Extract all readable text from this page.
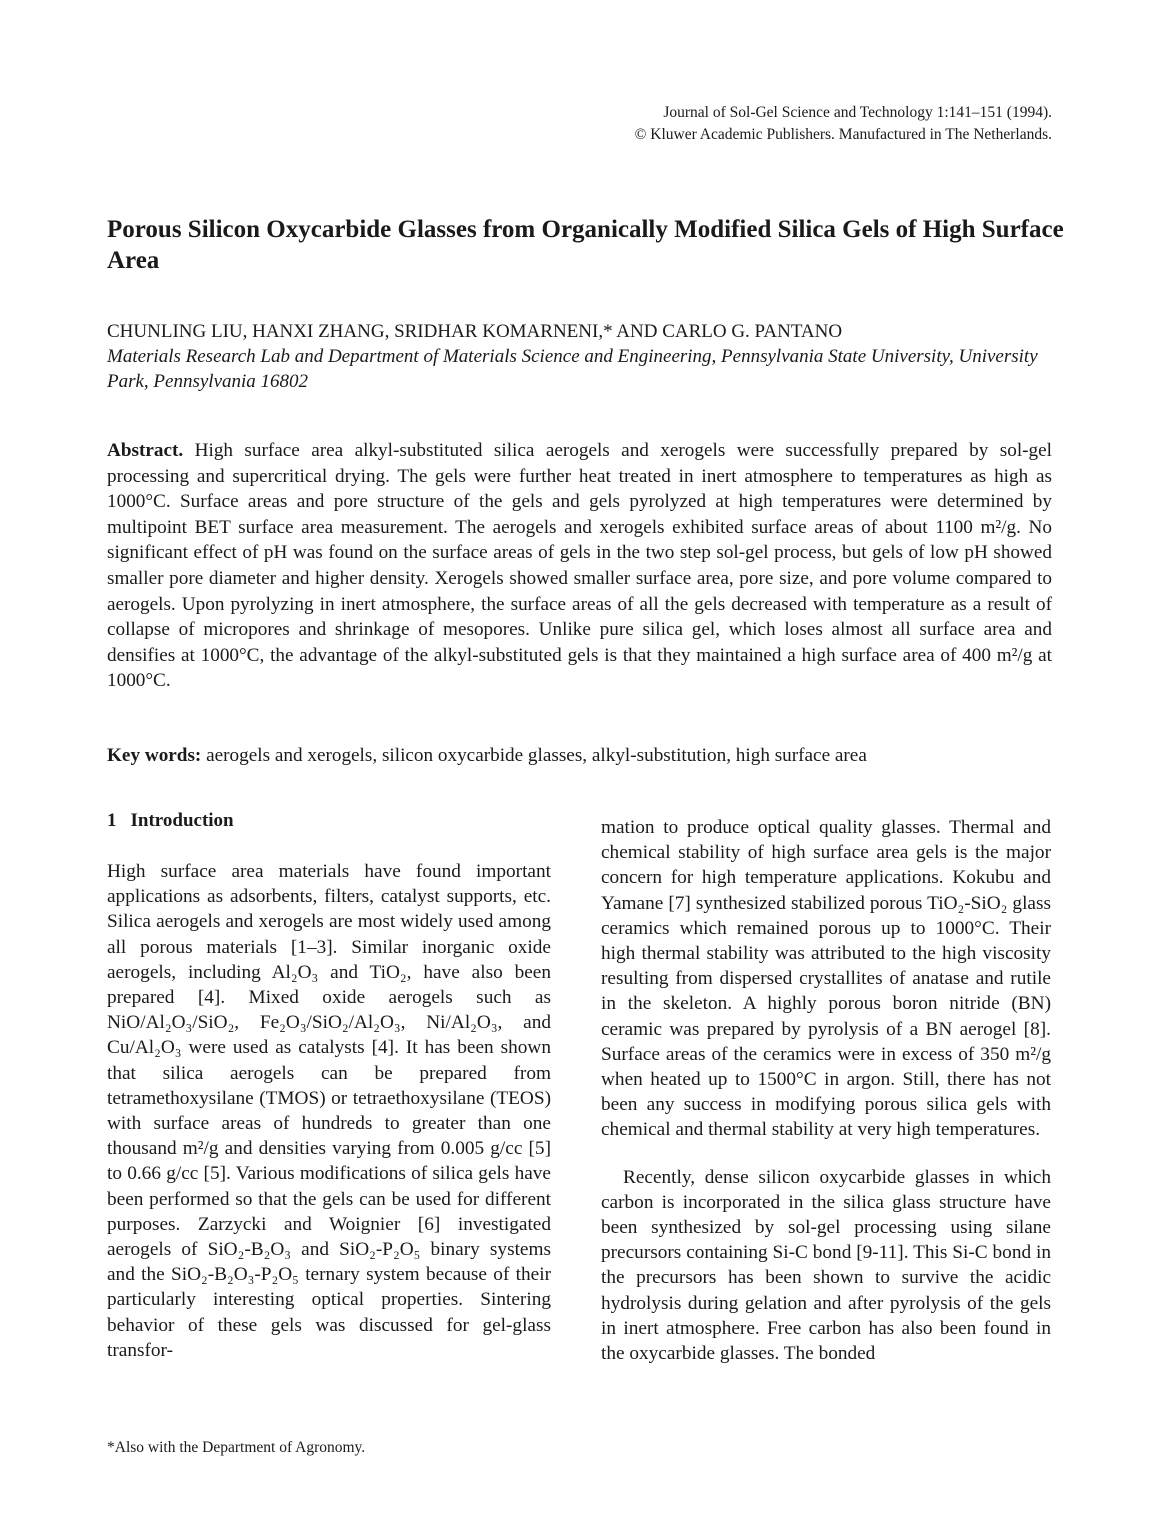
Journal of Sol-Gel Science and Technology 1:141–151 (1994).
© Kluwer Academic Publishers. Manufactured in The Netherlands.
Porous Silicon Oxycarbide Glasses from Organically Modified Silica Gels of High Surface Area
CHUNLING LIU, HANXI ZHANG, SRIDHAR KOMARNENI,* AND CARLO G. PANTANO
Materials Research Lab and Department of Materials Science and Engineering, Pennsylvania State University, University Park, Pennsylvania 16802

Abstract. High surface area alkyl-substituted silica aerogels and xerogels were successfully prepared by sol-gel processing and supercritical drying. The gels were further heat treated in inert atmosphere to temperatures as high as 1000°C. Surface areas and pore structure of the gels and gels pyrolyzed at high temperatures were determined by multipoint BET surface area measurement. The aerogels and xerogels exhibited surface areas of about 1100 m²/g. No significant effect of pH was found on the surface areas of gels in the two step sol-gel process, but gels of low pH showed smaller pore diameter and higher density. Xerogels showed smaller surface area, pore size, and pore volume compared to aerogels. Upon pyrolyzing in inert atmosphere, the surface areas of all the gels decreased with temperature as a result of collapse of micropores and shrinkage of mesopores. Unlike pure silica gel, which loses almost all surface area and densifies at 1000°C, the advantage of the alkyl-substituted gels is that they maintained a high surface area of 400 m²/g at 1000°C.

Key words: aerogels and xerogels, silicon oxycarbide glasses, alkyl-substitution, high surface area
1 Introduction

High surface area materials have found important applications as adsorbents, filters, catalyst supports, etc. Silica aerogels and xerogels are most widely used among all porous materials [1–3]. Similar inorganic oxide aerogels, including Al₂O₃ and TiO₂, have also been prepared [4]. Mixed oxide aerogels such as NiO/Al₂O₃/SiO₂, Fe₂O₃/SiO₂/Al₂O₃, Ni/Al₂O₃, and Cu/Al₂O₃ were used as catalysts [4]. It has been shown that silica aerogels can be prepared from tetramethoxysilane (TMOS) or tetraethoxysilane (TEOS) with surface areas of hundreds to greater than one thousand m²/g and densities varying from 0.005 g/cc [5] to 0.66 g/cc [5]. Various modifications of silica gels have been performed so that the gels can be used for different purposes. Zarzycki and Woignier [6] investigated aerogels of SiO₂-B₂O₃ and SiO₂-P₂O₅ binary systems and the SiO₂-B₂O₃-P₂O₅ ternary system because of their particularly interesting optical properties. Sintering behavior of these gels was discussed for gel-glass transfor-

mation to produce optical quality glasses. Thermal and chemical stability of high surface area gels is the major concern for high temperature applications. Kokubu and Yamane [7] synthesized stabilized porous TiO₂-SiO₂ glass ceramics which remained porous up to 1000°C. Their high thermal stability was attributed to the high viscosity resulting from dispersed crystallites of anatase and rutile in the skeleton. A highly porous boron nitride (BN) ceramic was prepared by pyrolysis of a BN aerogel [8]. Surface areas of the ceramics were in excess of 350 m²/g when heated up to 1500°C in argon. Still, there has not been any success in modifying porous silica gels with chemical and thermal stability at very high temperatures.

Recently, dense silicon oxycarbide glasses in which carbon is incorporated in the silica glass structure have been synthesized by sol-gel processing using silane precursors containing Si-C bond [9-11]. This Si-C bond in the precursors has been shown to survive the acidic hydrolysis during gelation and after pyrolysis of the gels in inert atmosphere. Free carbon has also been found in the oxycarbide glasses. The bonded

*Also with the Department of Agronomy.
